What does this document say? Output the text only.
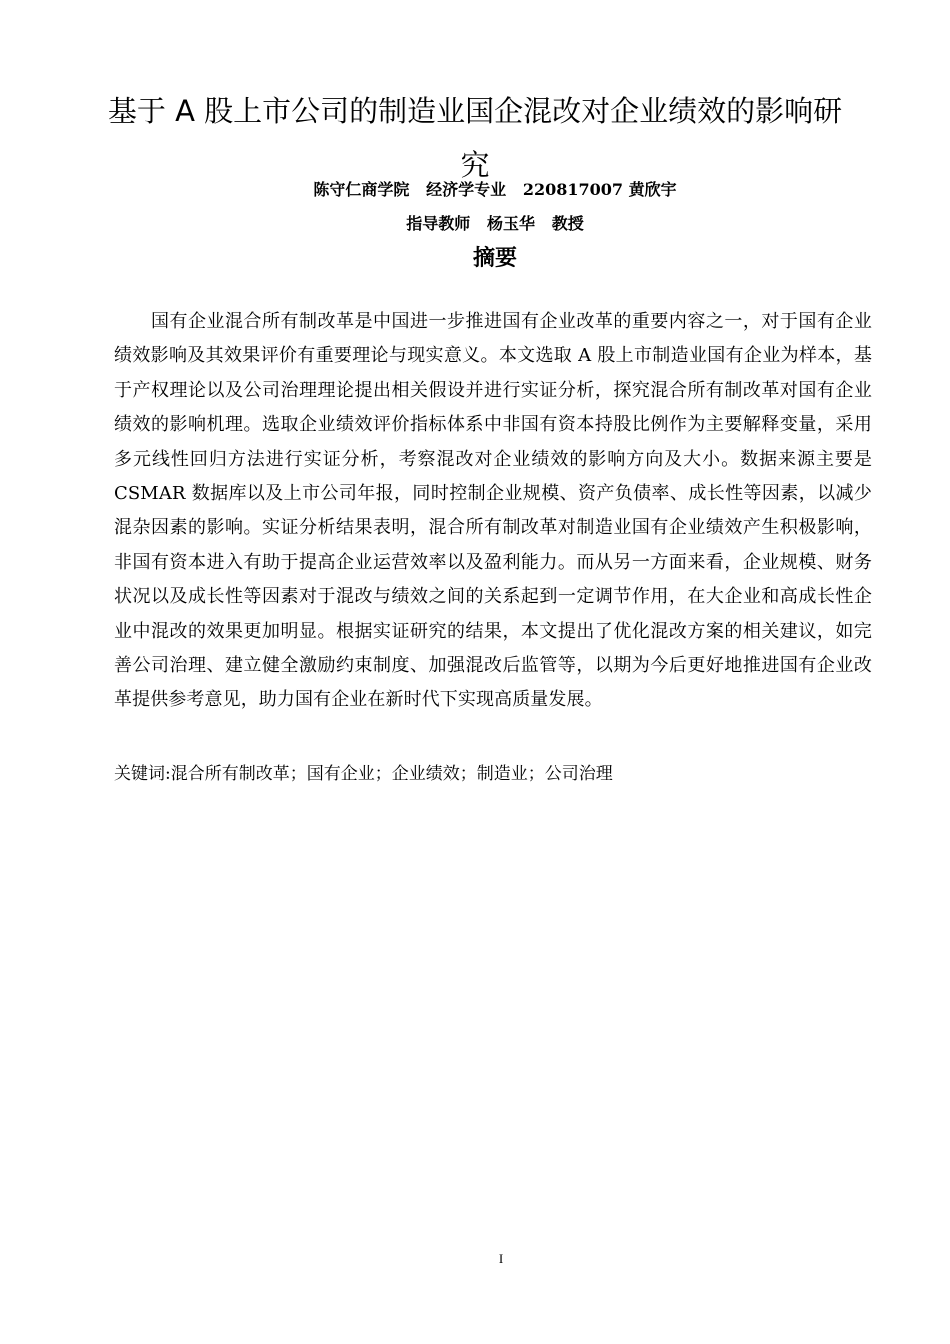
基于 A 股上市公司的制造业国企混改对企业绩效的影响研究
陈守仁商学院   经济学专业   220817007 黄欣宇
指导教师   杨玉华   教授
摘要

国有企业混合所有制改革是中国进一步推进国有企业改革的重要内容之一，对于国有企业绩效影响及其效果评价有重要理论与现实意义。本文选取 A 股上市制造业国有企业为样本，基于产权理论以及公司治理理论提出相关假设并进行实证分析，探究混合所有制改革对国有企业绩效的影响机理。选取企业绩效评价指标体系中非国有资本持股比例作为主要解释变量，采用多元线性回归方法进行实证分析，考察混改对企业绩效的影响方向及大小。数据来源主要是 CSMAR 数据库以及上市公司年报，同时控制企业规模、资产负债率、成长性等因素，以减少混杂因素的影响。实证分析结果表明，混合所有制改革对制造业国有企业绩效产生积极影响，非国有资本进入有助于提高企业运营效率以及盈利能力。而从另一方面来看，企业规模、财务状况以及成长性等因素对于混改与绩效之间的关系起到一定调节作用，在大企业和高成长性企业中混改的效果更加明显。根据实证研究的结果，本文提出了优化混改方案的相关建议，如完善公司治理、建立健全激励约束制度、加强混改后监管等，以期为今后更好地推进国有企业改革提供参考意见，助力国有企业在新时代下实现高质量发展。

关键词:混合所有制改革；国有企业；企业绩效；制造业；公司治理
I
